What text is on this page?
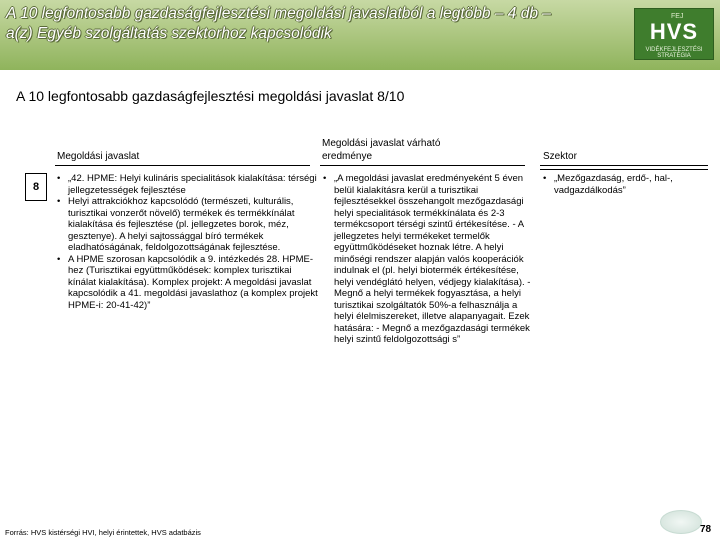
A 10 legfontosabb gazdaságfejlesztési megoldási javaslatból a legtöbb – 4 db –
a(z) Egyéb szolgáltatás szektorhoz kapcsolódik
FEJ
HVS
VIDÉKFEJLESZTÉSI STRATÉGIA
A 10 legfontosabb gazdaságfejlesztési megoldási javaslat 8/10
Megoldási javaslat
Megoldási javaslat várható
eredménye	Szektor
8
• „42. HPME: Helyi kulináris specialitások kialakítása: térségi jellegzetességek fejlesztése
• Helyi attrakciókhoz kapcsolódó (természeti, kulturális, turisztikai vonzerőt növelő) termékek és termékkínálat kialakítása és fejlesztése (pl. jellegzetes borok, méz, gesztenye). A helyi sajtossággal bíró termékek eladhatóságának, feldolgozottságának fejlesztése.
• A HPME szorosan kapcsolódik a 9. intézkedés 28. HPME-hez (Turisztikai együttműködések: komplex turisztikai kínálat kialakítása). Komplex projekt: A megoldási javaslat kapcsolódik a 41. megoldási javaslathoz (a komplex projekt HPME-i: 20-41-42)”
• „A megoldási javaslat eredményeként 5 éven belül kialakításra kerül a turisztikai fejlesztésekkel összehangolt mezőgazdasági helyi specialitások termékkínálata és 2-3 termékcsoport térségi szintű értékesítése. - A jellegzetes helyi termékeket termelők együttműködéseket hoznak létre. A helyi minőségi rendszer alapján valós kooperációk indulnak el (pl. helyi biotermék értékesítése, helyi vendéglátó helyen, védjegy kialakítása). - Megnő a helyi termékek fogyasztása, a helyi turisztikai szolgáltatók 50%-a felhasználja a helyi élelmiszereket, illetve alapanyagait. Ezek hatására: - Megnő a mezőgazdasági termékek helyi szintű feldolgozottsági s”
• „Mezőgazdaság, erdő-, hal-, vadgazdálkodás”
Forrás: HVS kistérségi HVI, helyi érintettek, HVS adatbázis	78
